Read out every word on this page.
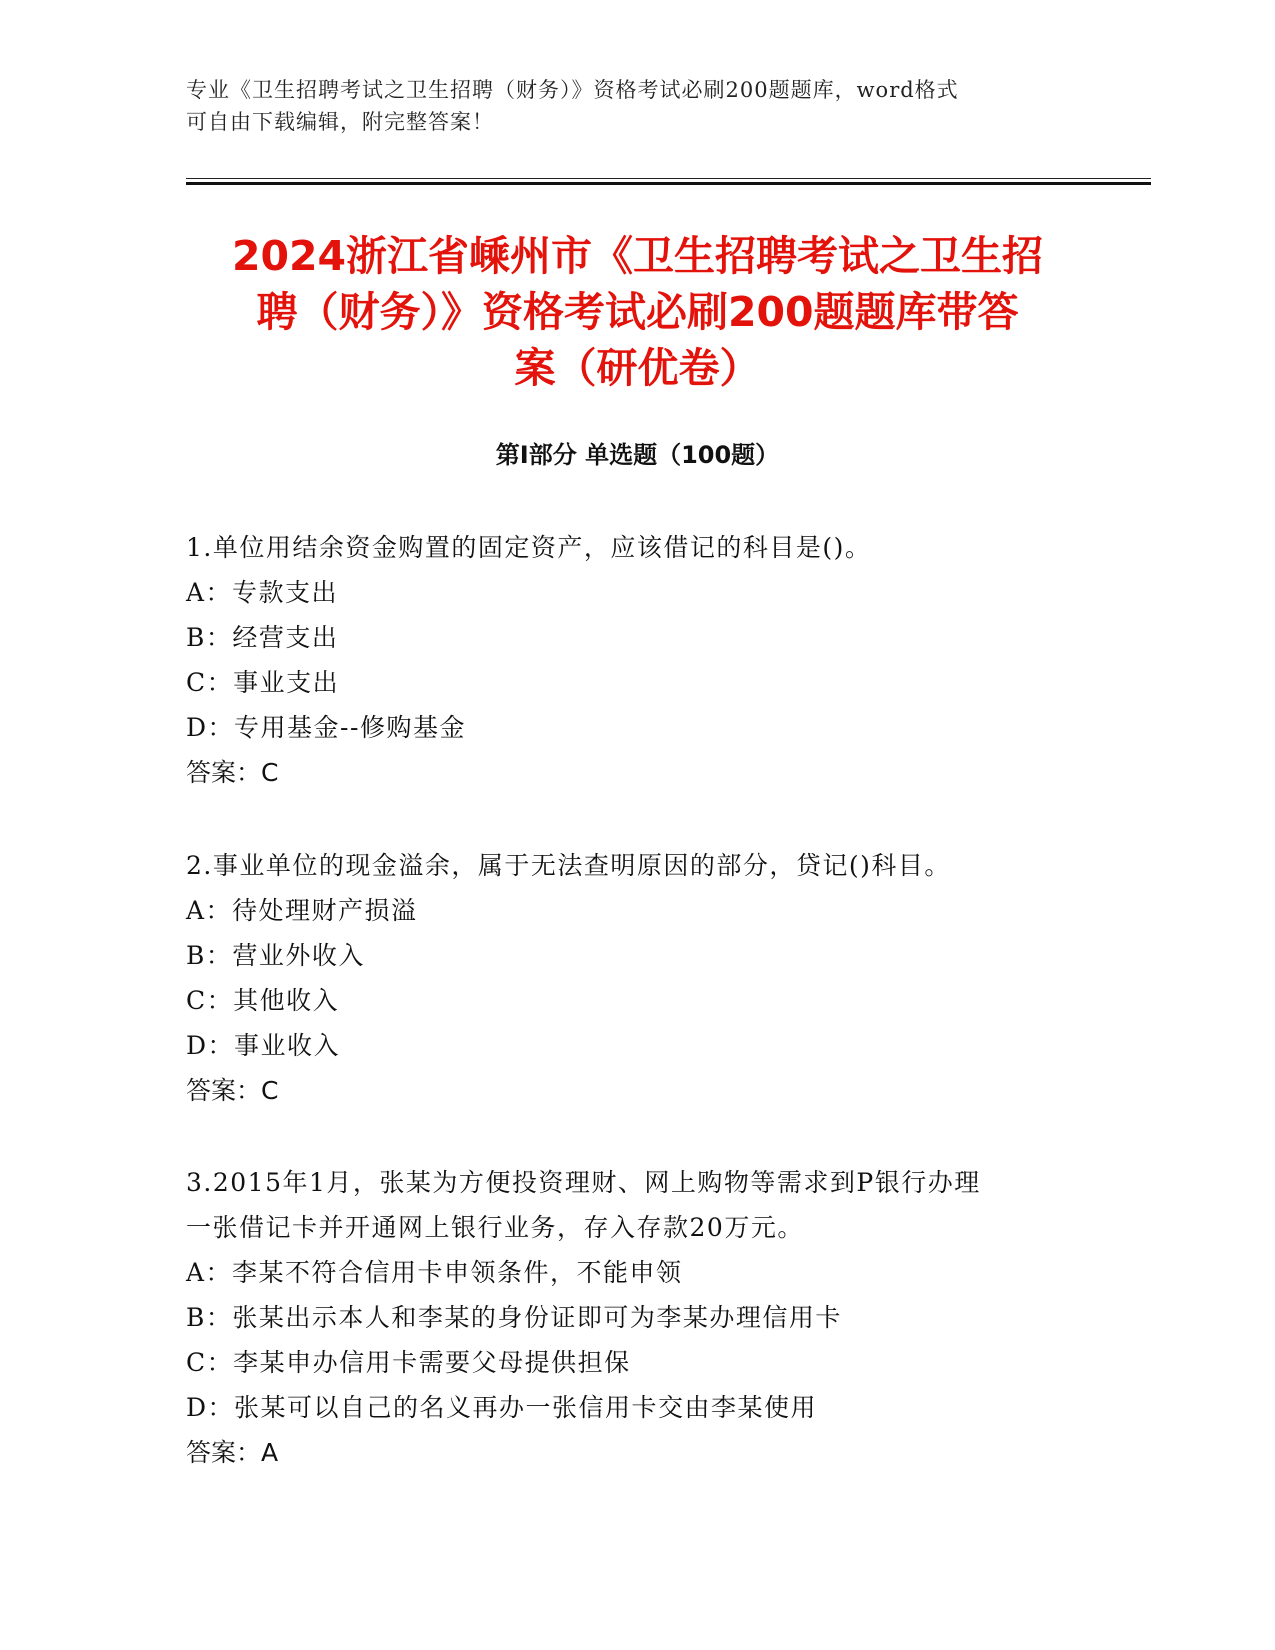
专业《卫生招聘考试之卫生招聘（财务）》资格考试必刷200题题库，word格式
可自由下载编辑，附完整答案！
2024浙江省嵊州市《卫生招聘考试之卫生招
聘（财务）》资格考试必刷200题题库带答
案（研优卷）
第Ⅰ部分 单选题（100题）

1.单位用结余资金购置的固定资产，应该借记的科目是()。

A：专款支出

B：经营支出

C：事业支出

D：专用基金--修购基金

答案：C

2.事业单位的现金溢余，属于无法查明原因的部分，贷记()科目。

A：待处理财产损溢

B：营业外收入

C：其他收入

D：事业收入

答案：C

3.2015年1月，张某为方便投资理财、网上购物等需求到P银行办理

一张借记卡并开通网上银行业务，存入存款20万元。

A：李某不符合信用卡申领条件，不能申领

B：张某出示本人和李某的身份证即可为李某办理信用卡

C：李某申办信用卡需要父母提供担保

D：张某可以自己的名义再办一张信用卡交由李某使用

答案：A
